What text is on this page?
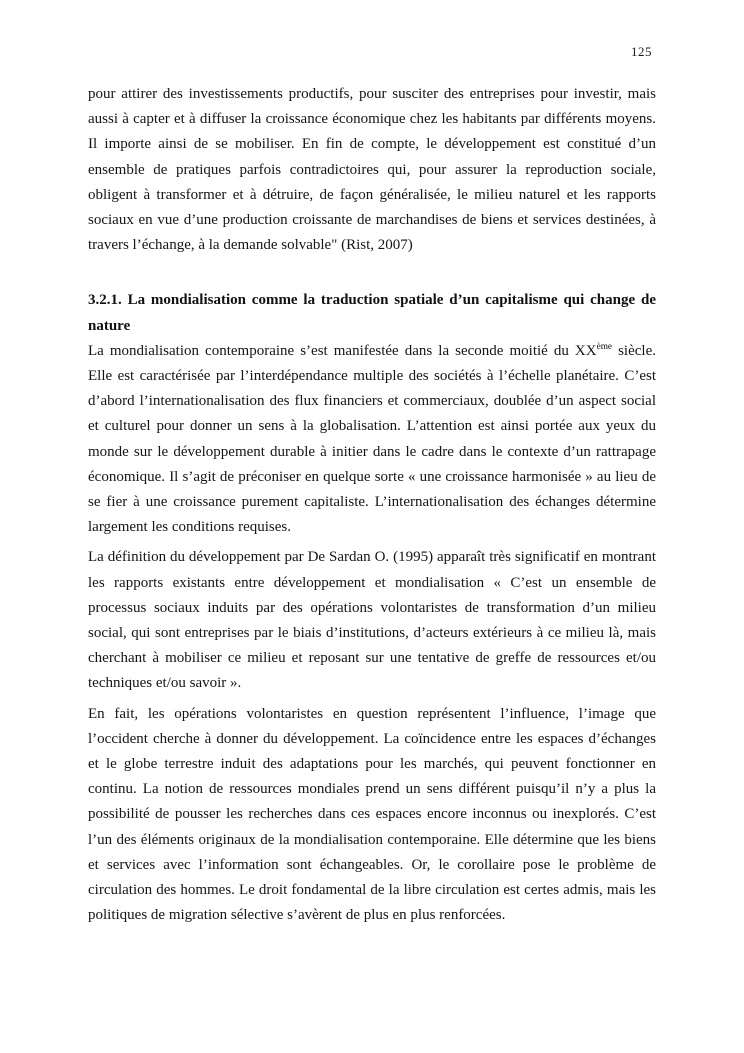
125

pour attirer des investissements productifs, pour susciter des entreprises pour investir, mais aussi à capter et à diffuser la croissance économique chez les habitants par différents moyens. Il importe ainsi de se mobiliser. En fin de compte, le développement est constitué d’un ensemble de pratiques parfois contradictoires qui, pour assurer la reproduction sociale, obligent à transformer et à détruire, de façon généralisée, le milieu naturel et les rapports sociaux en vue d’une production croissante de marchandises de biens et services destinées, à travers l’échange, à la demande solvable" (Rist, 2007)

3.2.1. La mondialisation comme la traduction spatiale d’un capitalisme qui change de nature

La mondialisation contemporaine s’est manifestée dans la seconde moitié du XXème siècle. Elle est caractérisée par l’interdépendance multiple des sociétés à l’échelle planétaire. C’est d’abord l’internationalisation des flux financiers et commerciaux, doublée d’un aspect social et culturel pour donner un sens à la globalisation. L’attention est ainsi portée aux yeux du monde sur le développement durable à initier dans le cadre dans le contexte d’un rattrapage économique. Il s’agit de préconiser en quelque sorte « une croissance harmonisée » au lieu de se fier à une croissance purement capitaliste. L’internationalisation des échanges détermine largement les conditions requises.

La définition du développement par De Sardan O. (1995) apparaît très significatif en montrant les rapports existants entre développement et mondialisation « C’est un ensemble de processus sociaux induits par des opérations volontaristes de transformation d’un milieu social, qui sont entreprises par le biais d’institutions, d’acteurs extérieurs à ce milieu là, mais cherchant à mobiliser ce milieu et reposant sur une tentative de greffe de ressources et/ou techniques et/ou savoir ».

En fait, les opérations volontaristes en question représentent l’influence, l’image que l’occident cherche à donner du développement. La coïncidence entre les espaces d’échanges et le globe terrestre induit des adaptations pour les marchés, qui peuvent fonctionner en continu. La notion de ressources mondiales prend un sens différent puisqu’il n’y a plus la possibilité de pousser les recherches dans ces espaces encore inconnus ou inexplorés. C’est l’un des éléments originaux de la mondialisation contemporaine. Elle détermine que les biens et services avec l’information sont échangeables. Or, le corollaire pose le problème de circulation des hommes. Le droit fondamental de la libre circulation est certes admis, mais les politiques de migration sélective s’avèrent de plus en plus renforcées.
